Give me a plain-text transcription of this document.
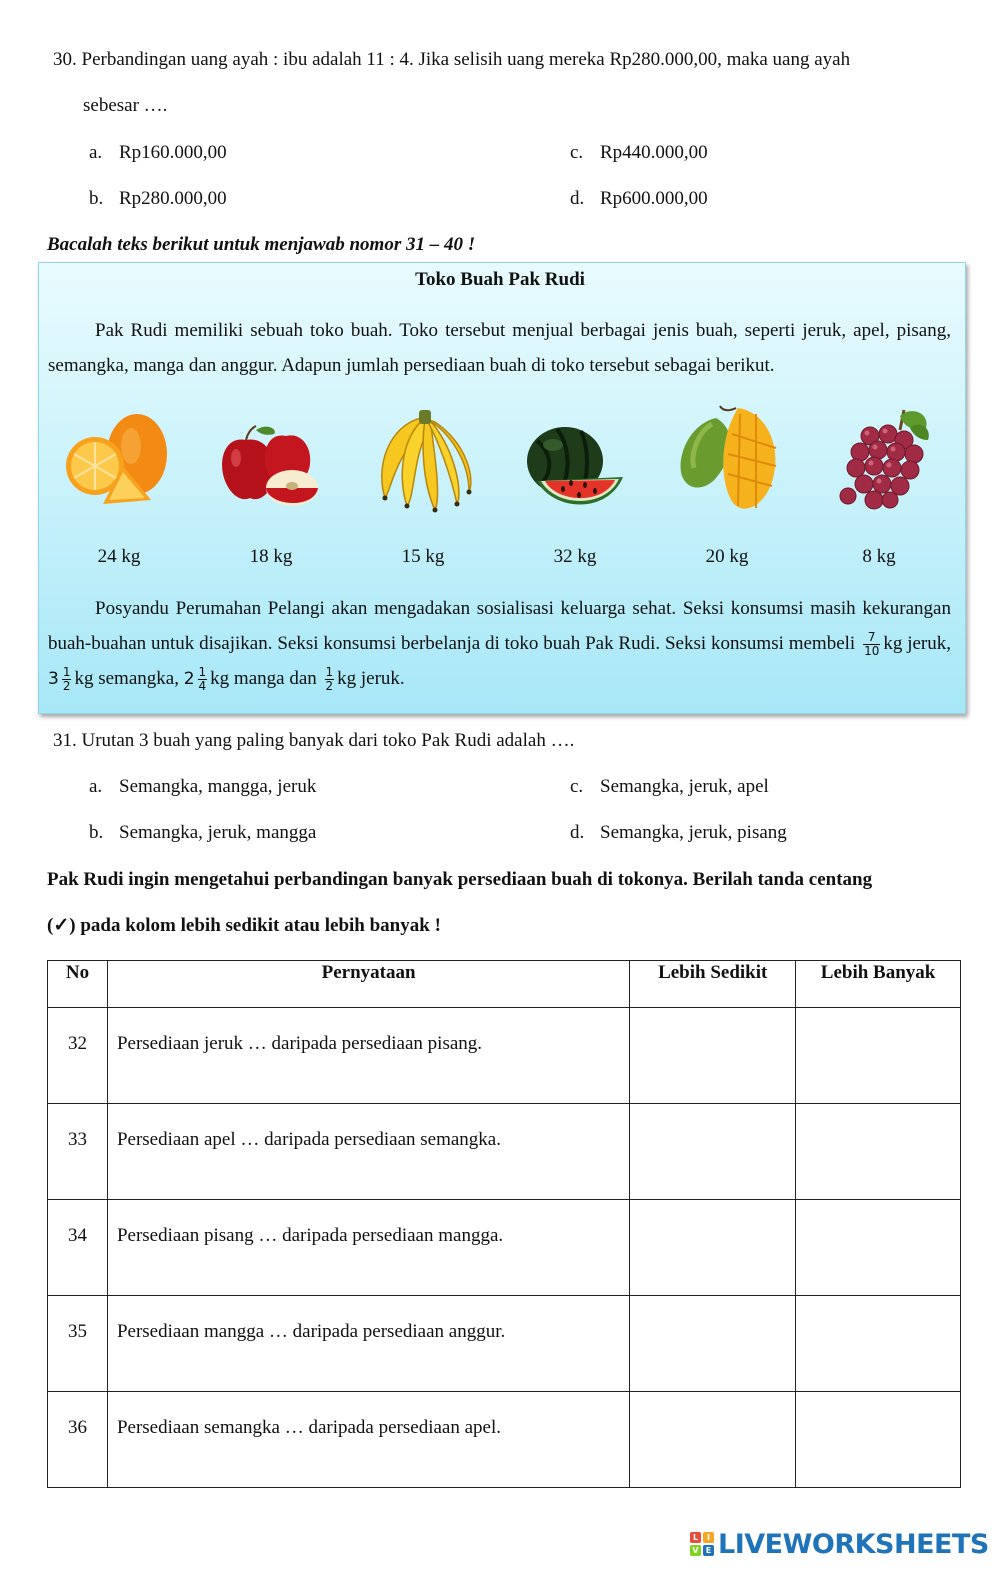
30. Perbandingan uang ayah : ibu adalah 11 : 4. Jika selisih uang mereka Rp280.000,00, maka uang ayah
sebesar ….
a. Rp160.000,00
b. Rp280.000,00
c. Rp440.000,00
d. Rp600.000,00
Bacalah teks berikut untuk menjawab nomor 31 – 40 !
Toko Buah Pak Rudi
Pak Rudi memiliki sebuah toko buah. Toko tersebut menjual berbagai jenis buah, seperti jeruk, apel, pisang, semangka, manga dan anggur. Adapun jumlah persediaan buah di toko tersebut sebagai berikut.
24 kg	18 kg	15 kg	32 kg	20 kg	8 kg
Posyandu Perumahan Pelangi akan mengadakan sosialisasi keluarga sehat. Seksi konsumsi masih kekurangan buah-buahan untuk disajikan. Seksi konsumsi berbelanja di toko buah Pak Rudi. Seksi konsumsi membeli $\frac{7}{10}$ kg jeruk, $3 \frac{1}{2}$ kg semangka, $2 \frac{1}{4}$ kg manga dan $\frac{1}{2}$ kg jeruk.
31. Urutan 3 buah yang paling banyak dari toko Pak Rudi adalah ….
a. Semangka, mangga, jeruk
b. Semangka, jeruk, mangga
c. Semangka, jeruk, apel
d. Semangka, jeruk, pisang
Pak Rudi ingin mengetahui perbandingan banyak persediaan buah di tokonya. Berilah tanda centang
(✓) pada kolom lebih sedikit atau lebih banyak !
No	Pernyataan	Lebih Sedikit	Lebih Banyak
32	Persediaan jeruk … daripada persediaan pisang.		
33	Persediaan apel … daripada persediaan semangka.		
34	Persediaan pisang … daripada persediaan mangga.		
35	Persediaan mangga … daripada persediaan anggur.		
36	Persediaan semangka … daripada persediaan apel.		
L	I
V E LIVEWORKSHEETS
